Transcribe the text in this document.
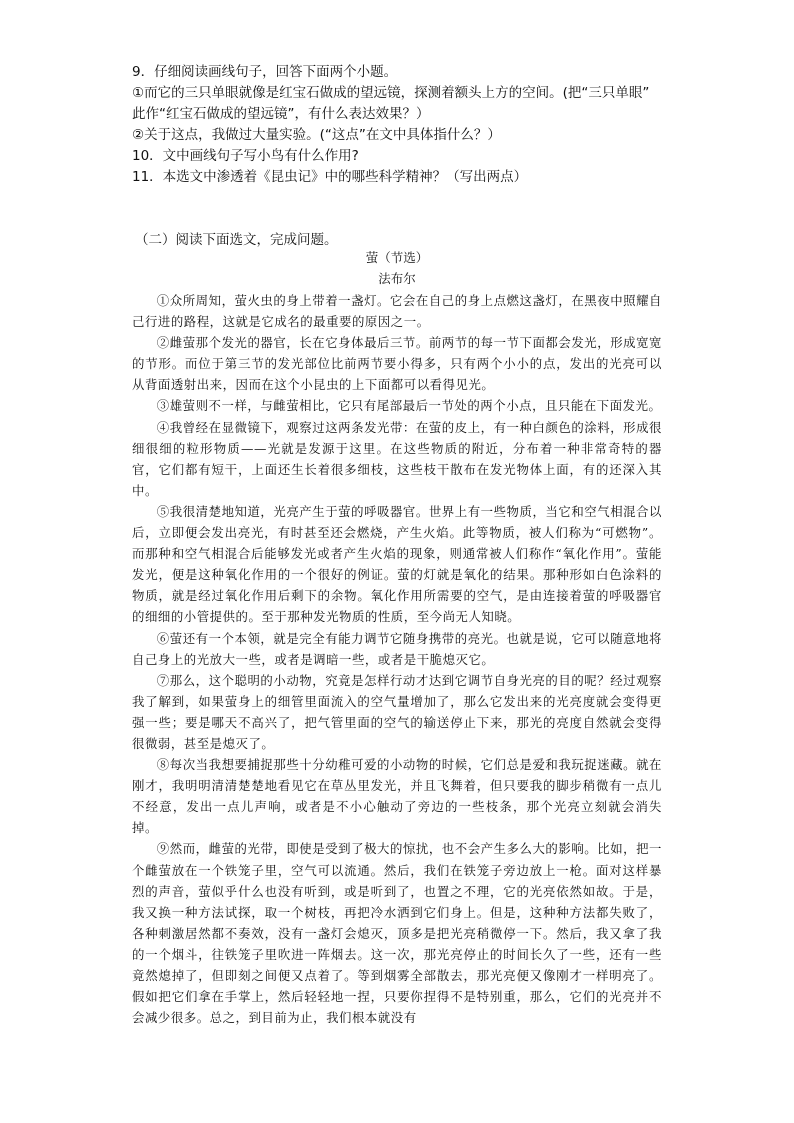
9．仔细阅读画线句子，回答下面两个小题。
①而它的三只单眼就像是红宝石做成的望远镜，探测着额头上方的空间。(把“三只单眼”
此作“红宝石做成的望远镜”，有什么表达效果？）
②关于这点，我做过大量实验。(“这点”在文中具体指什么？）
10．文中画线句子写小鸟有什么作用?
11．本选文中渗透着《昆虫记》中的哪些科学精神？（写出两点）
（二）阅读下面选文，完成问题。
萤（节选）
法布尔

①众所周知，萤火虫的身上带着一盏灯。它会在自己的身上点燃这盏灯，在黑夜中照耀自己行进的路程，这就是它成名的最重要的原因之一。

②雌萤那个发光的器官，长在它身体最后三节。前两节的每一节下面都会发光，形成宽宽的节形。而位于第三节的发光部位比前两节要小得多，只有两个小小的点，发出的光亮可以从背面透射出来，因而在这个小昆虫的上下面都可以看得见光。

③雄萤则不一样，与雌萤相比，它只有尾部最后一节处的两个小点，且只能在下面发光。

④我曾经在显微镜下，观察过这两条发光带：在萤的皮上，有一种白颜色的涂料，形成很细很细的粒形物质——光就是发源于这里。在这些物质的附近，分布着一种非常奇特的器官，它们都有短干，上面还生长着很多细枝，这些枝干散布在发光物体上面，有的还深入其中。

⑤我很清楚地知道，光亮产生于萤的呼吸器官。世界上有一些物质，当它和空气相混合以后，立即便会发出亮光，有时甚至还会燃烧，产生火焰。此等物质，被人们称为“可燃物”。而那种和空气相混合后能够发光或者产生火焰的现象，则通常被人们称作“氧化作用”。萤能发光，便是这种氧化作用的一个很好的例证。萤的灯就是氧化的结果。那种形如白色涂料的物质，就是经过氧化作用后剩下的余物。氧化作用所需要的空气，是由连接着萤的呼吸器官的细细的小管提供的。至于那种发光物质的性质，至今尚无人知晓。

⑥萤还有一个本领，就是完全有能力调节它随身携带的亮光。也就是说，它可以随意地将自己身上的光放大一些，或者是调暗一些，或者是干脆熄灭它。

⑦那么，这个聪明的小动物，究竟是怎样行动才达到它调节自身光亮的目的呢？经过观察我了解到，如果萤身上的细管里面流入的空气量增加了，那么它发出来的光亮度就会变得更强一些；要是哪天不高兴了，把气管里面的空气的输送停止下来，那光的亮度自然就会变得很微弱，甚至是熄灭了。

⑧每次当我想要捕捉那些十分幼稚可爱的小动物的时候，它们总是爱和我玩捉迷藏。就在刚才，我明明清清楚楚地看见它在草丛里发光，并且飞舞着，但只要我的脚步稍微有一点儿不经意，发出一点儿声响，或者是不小心触动了旁边的一些枝条，那个光亮立刻就会消失掉。

⑨然而，雌萤的光带，即使是受到了极大的惊扰，也不会产生多么大的影响。比如，把一个雌萤放在一个铁笼子里，空气可以流通。然后，我们在铁笼子旁边放上一枪。面对这样暴烈的声音，萤似乎什么也没有听到，或是听到了，也置之不理，它的光亮依然如故。于是，我又换一种方法试探，取一个树枝，再把冷水洒到它们身上。但是，这种种方法都失败了，各种刺激居然都不奏效，没有一盏灯会熄灭，顶多是把光亮稍微停一下。然后，我又拿了我的一个烟斗，往铁笼子里吹进一阵烟去。这一次，那光亮停止的时间长久了一些，还有一些竟然熄掉了，但即刻之间便又点着了。等到烟雾全部散去，那光亮便又像刚才一样明亮了。假如把它们拿在手掌上，然后轻轻地一捏，只要你捏得不是特别重，那么，它们的光亮并不会减少很多。总之，到目前为止，我们根本就没有
